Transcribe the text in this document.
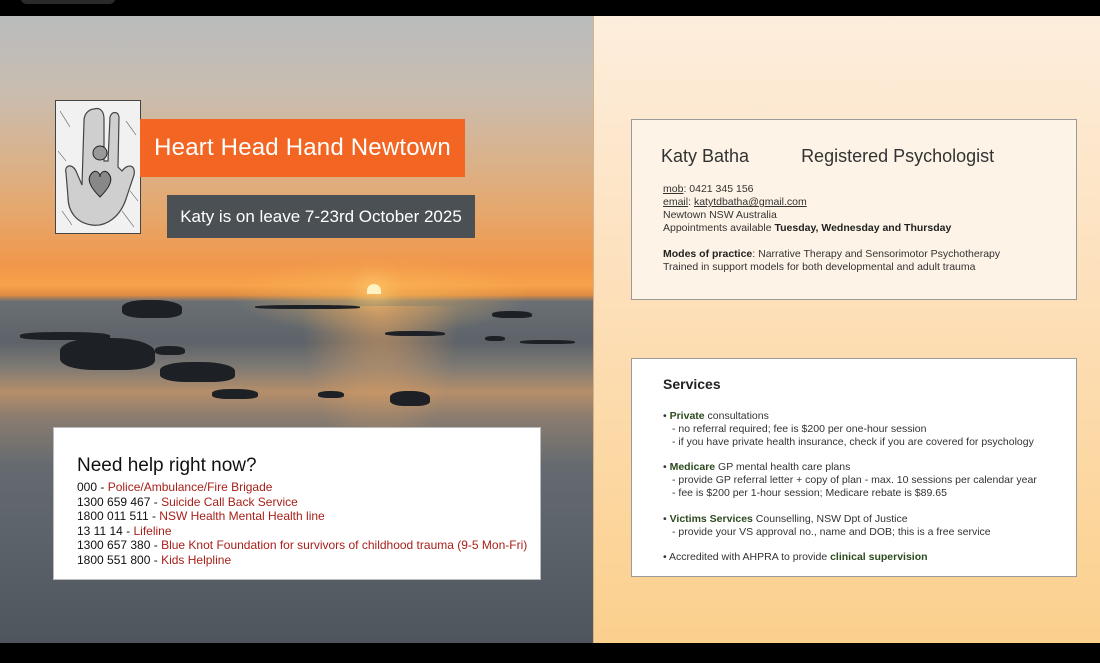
Heart Head Hand Newtown
Katy is on leave 7-23rd October 2025
Need help right now?
000 - Police/Ambulance/Fire Brigade
1300 659 467 - Suicide Call Back Service
1800 011 511 - NSW Health Mental Health line
13 11 14 - Lifeline
1300 657 380 - Blue Knot Foundation for survivors of childhood trauma (9-5 Mon-Fri)
1800 551 800 - Kids Helpline
Katy Batha	Registered Psychologist
mob: 0421 345 156
email: katytdbatha@gmail.com
Newtown NSW Australia
Appointments available Tuesday, Wednesday and Thursday
Modes of practice: Narrative Therapy and Sensorimotor Psychotherapy
Trained in support models for both developmental and adult trauma
Services
• Private consultations
- no referral required; fee is $200 per one-hour session
- if you have private health insurance, check if you are covered for psychology
• Medicare GP mental health care plans
- provide GP referral letter + copy of plan - max. 10 sessions per calendar year
- fee is $200 per 1-hour session; Medicare rebate is $89.65
• Victims Services Counselling, NSW Dpt of Justice
- provide your VS approval no., name and DOB; this is a free service
• Accredited with AHPRA to provide clinical supervision
